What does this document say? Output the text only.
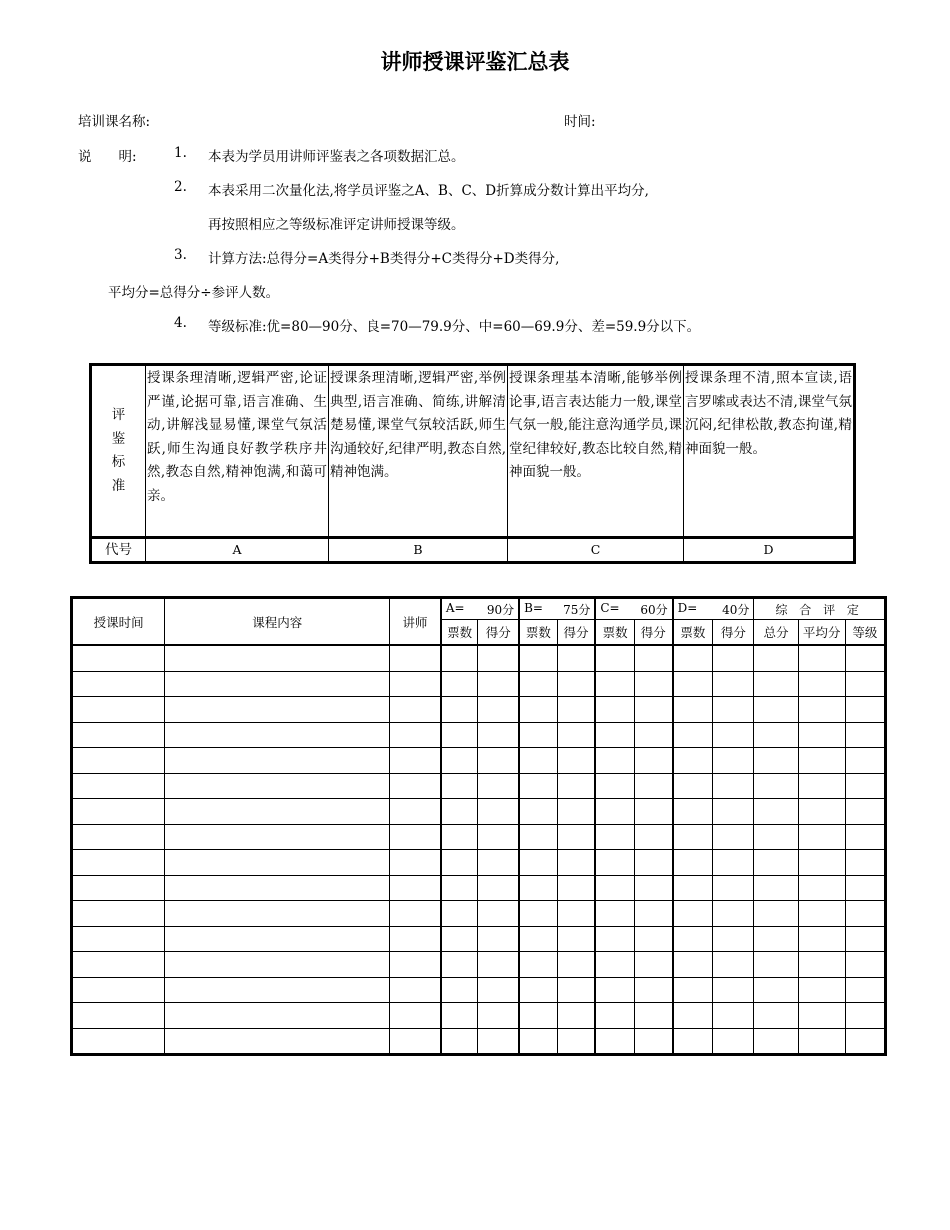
讲师授课评鉴汇总表
培训课名称:	时间:
说　　明:	1. 本表为学员用讲师评鉴表之各项数据汇总。
2. 本表采用二次量化法,将学员评鉴之A、B、C、D折算成分数计算出平均分,
再按照相应之等级标准评定讲师授课等级。
3. 计算方法:总得分=A类得分+B类得分+C类得分+D类得分,
平均分=总得分÷参评人数。
4. 等级标准:优=80—90分、良=70—79.9分、中=60—69.9分、差=59.9分以下。
评
鉴
标
准	授课条理清晰,逻辑严密,论证严谨,论据可靠,语言准确、生动,讲解浅显易懂,课堂气氛活跃,师生沟通良好教学秩序井然,教态自然,精神饱满,和蔼可亲。	授课条理清晰,逻辑严密,举例典型,语言准确、简练,讲解清楚易懂,课堂气氛较活跃,师生沟通较好,纪律严明,教态自然,精神饱满。	授课条理基本清晰,能够举例论事,语言表达能力一般,课堂气氛一般,能注意沟通学员,课堂纪律较好,教态比较自然,精神面貌一般。	授课条理不清,照本宣读,语言罗嗦或表达不清,课堂气氛沉闷,纪律松散,教态拘谨,精神面貌一般。
代号	A	B	C	D
授课时间	课程内容	讲师	A= 90分		B= 75分		C= 60分		D= 40分		综 合 评 定		
			票数	得分	票数	得分	票数	得分	票数	得分	总分	平均分	等级
